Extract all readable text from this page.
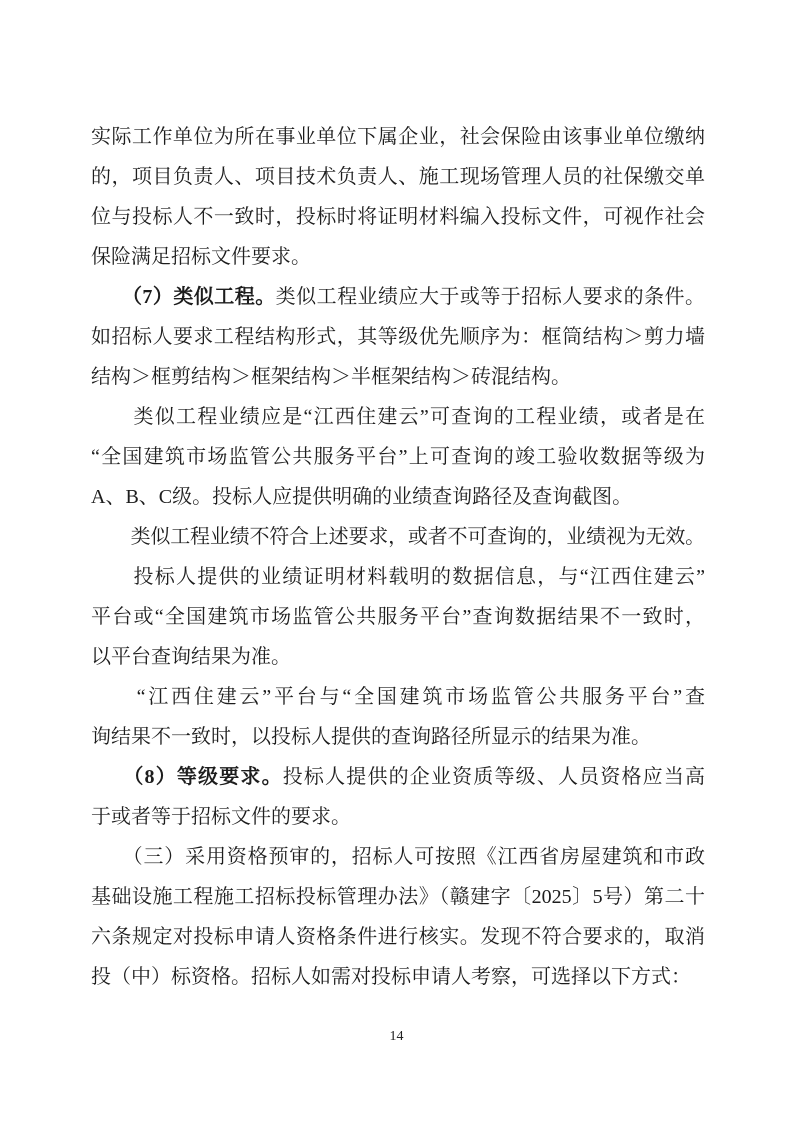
实际工作单位为所在事业单位下属企业，社会保险由该事业单位缴纳
的，项目负责人、项目技术负责人、施工现场管理人员的社保缴交单
位与投标人不一致时，投标时将证明材料编入投标文件，可视作社会
保险满足招标文件要求。
　　（7）类似工程。类似工程业绩应大于或等于招标人要求的条件。
如招标人要求工程结构形式，其等级优先顺序为：框筒结构＞剪力墙
结构＞框剪结构＞框架结构＞半框架结构＞砖混结构。
　　类似工程业绩应是“江西住建云”可查询的工程业绩，或者是在
“全国建筑市场监管公共服务平台”上可查询的竣工验收数据等级为
A、B、C级。投标人应提供明确的业绩查询路径及查询截图。
　　类似工程业绩不符合上述要求，或者不可查询的，业绩视为无效。
　　投标人提供的业绩证明材料载明的数据信息，与“江西住建云”
平台或“全国建筑市场监管公共服务平台”查询数据结果不一致时，
以平台查询结果为准。
　　“江西住建云”平台与“全国建筑市场监管公共服务平台”查
询结果不一致时，以投标人提供的查询路径所显示的结果为准。
　　（8）等级要求。投标人提供的企业资质等级、人员资格应当高
于或者等于招标文件的要求。
　　（三）采用资格预审的，招标人可按照《江西省房屋建筑和市政
基础设施工程施工招标投标管理办法》（赣建字〔2025〕5号）第二十
六条规定对投标申请人资格条件进行核实。发现不符合要求的，取消
投（中）标资格。招标人如需对投标申请人考察，可选择以下方式：
14
